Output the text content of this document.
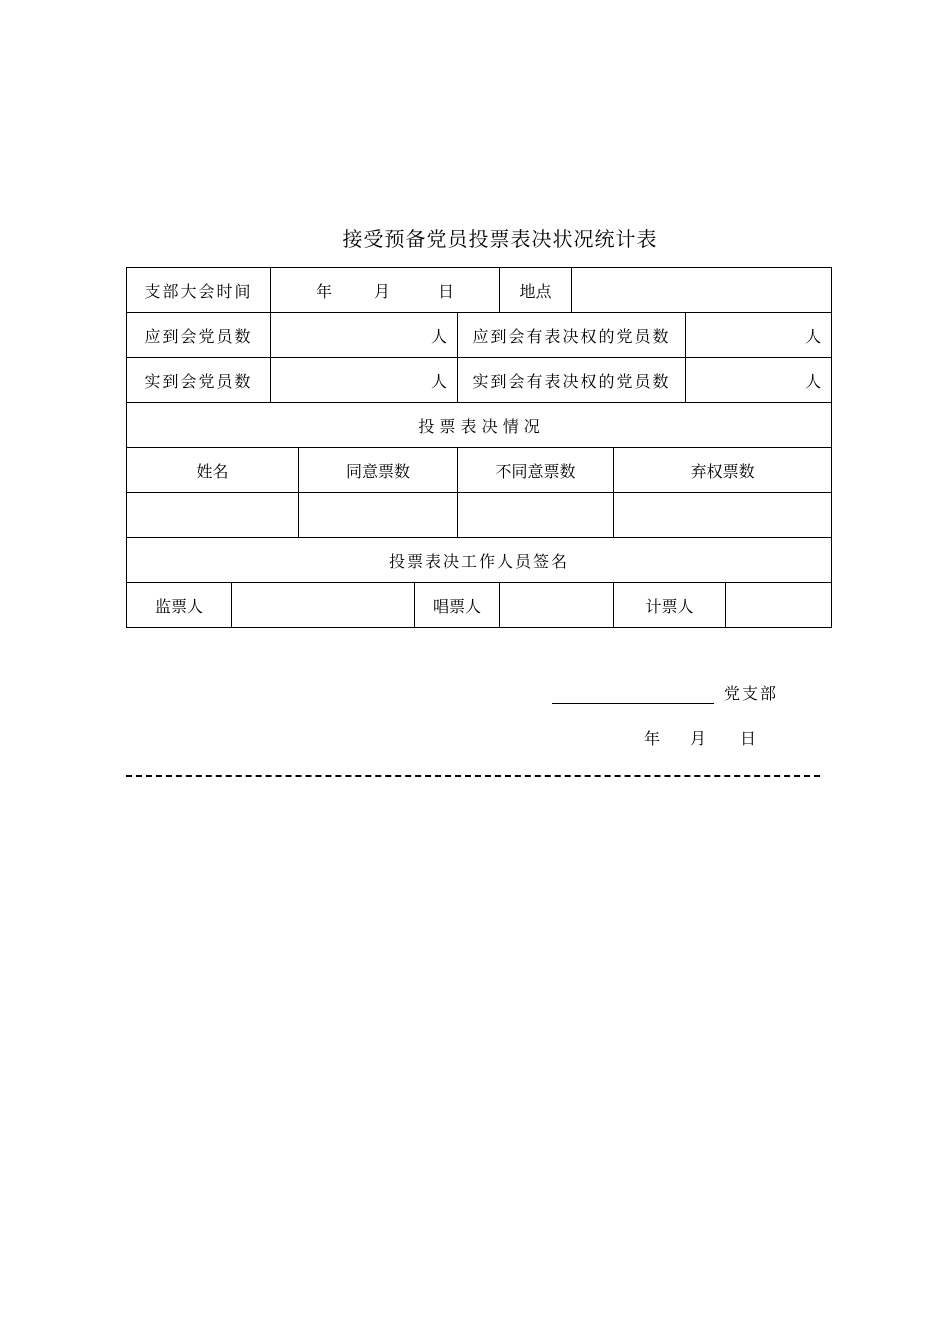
接受预备党员投票表决状况统计表
支部大会时间		年 月 日				地点				
应到会党员数		人			应到会有表决权的党员数				人	
实到会党员数		人			实到会有表决权的党员数				人	
投 票 表 决 情 况										
姓名			同意票数		不同意票数			弃权票数		

投票表决工作人员签名										
监票人				唱票人				计票人		
党支部
年 月 日
